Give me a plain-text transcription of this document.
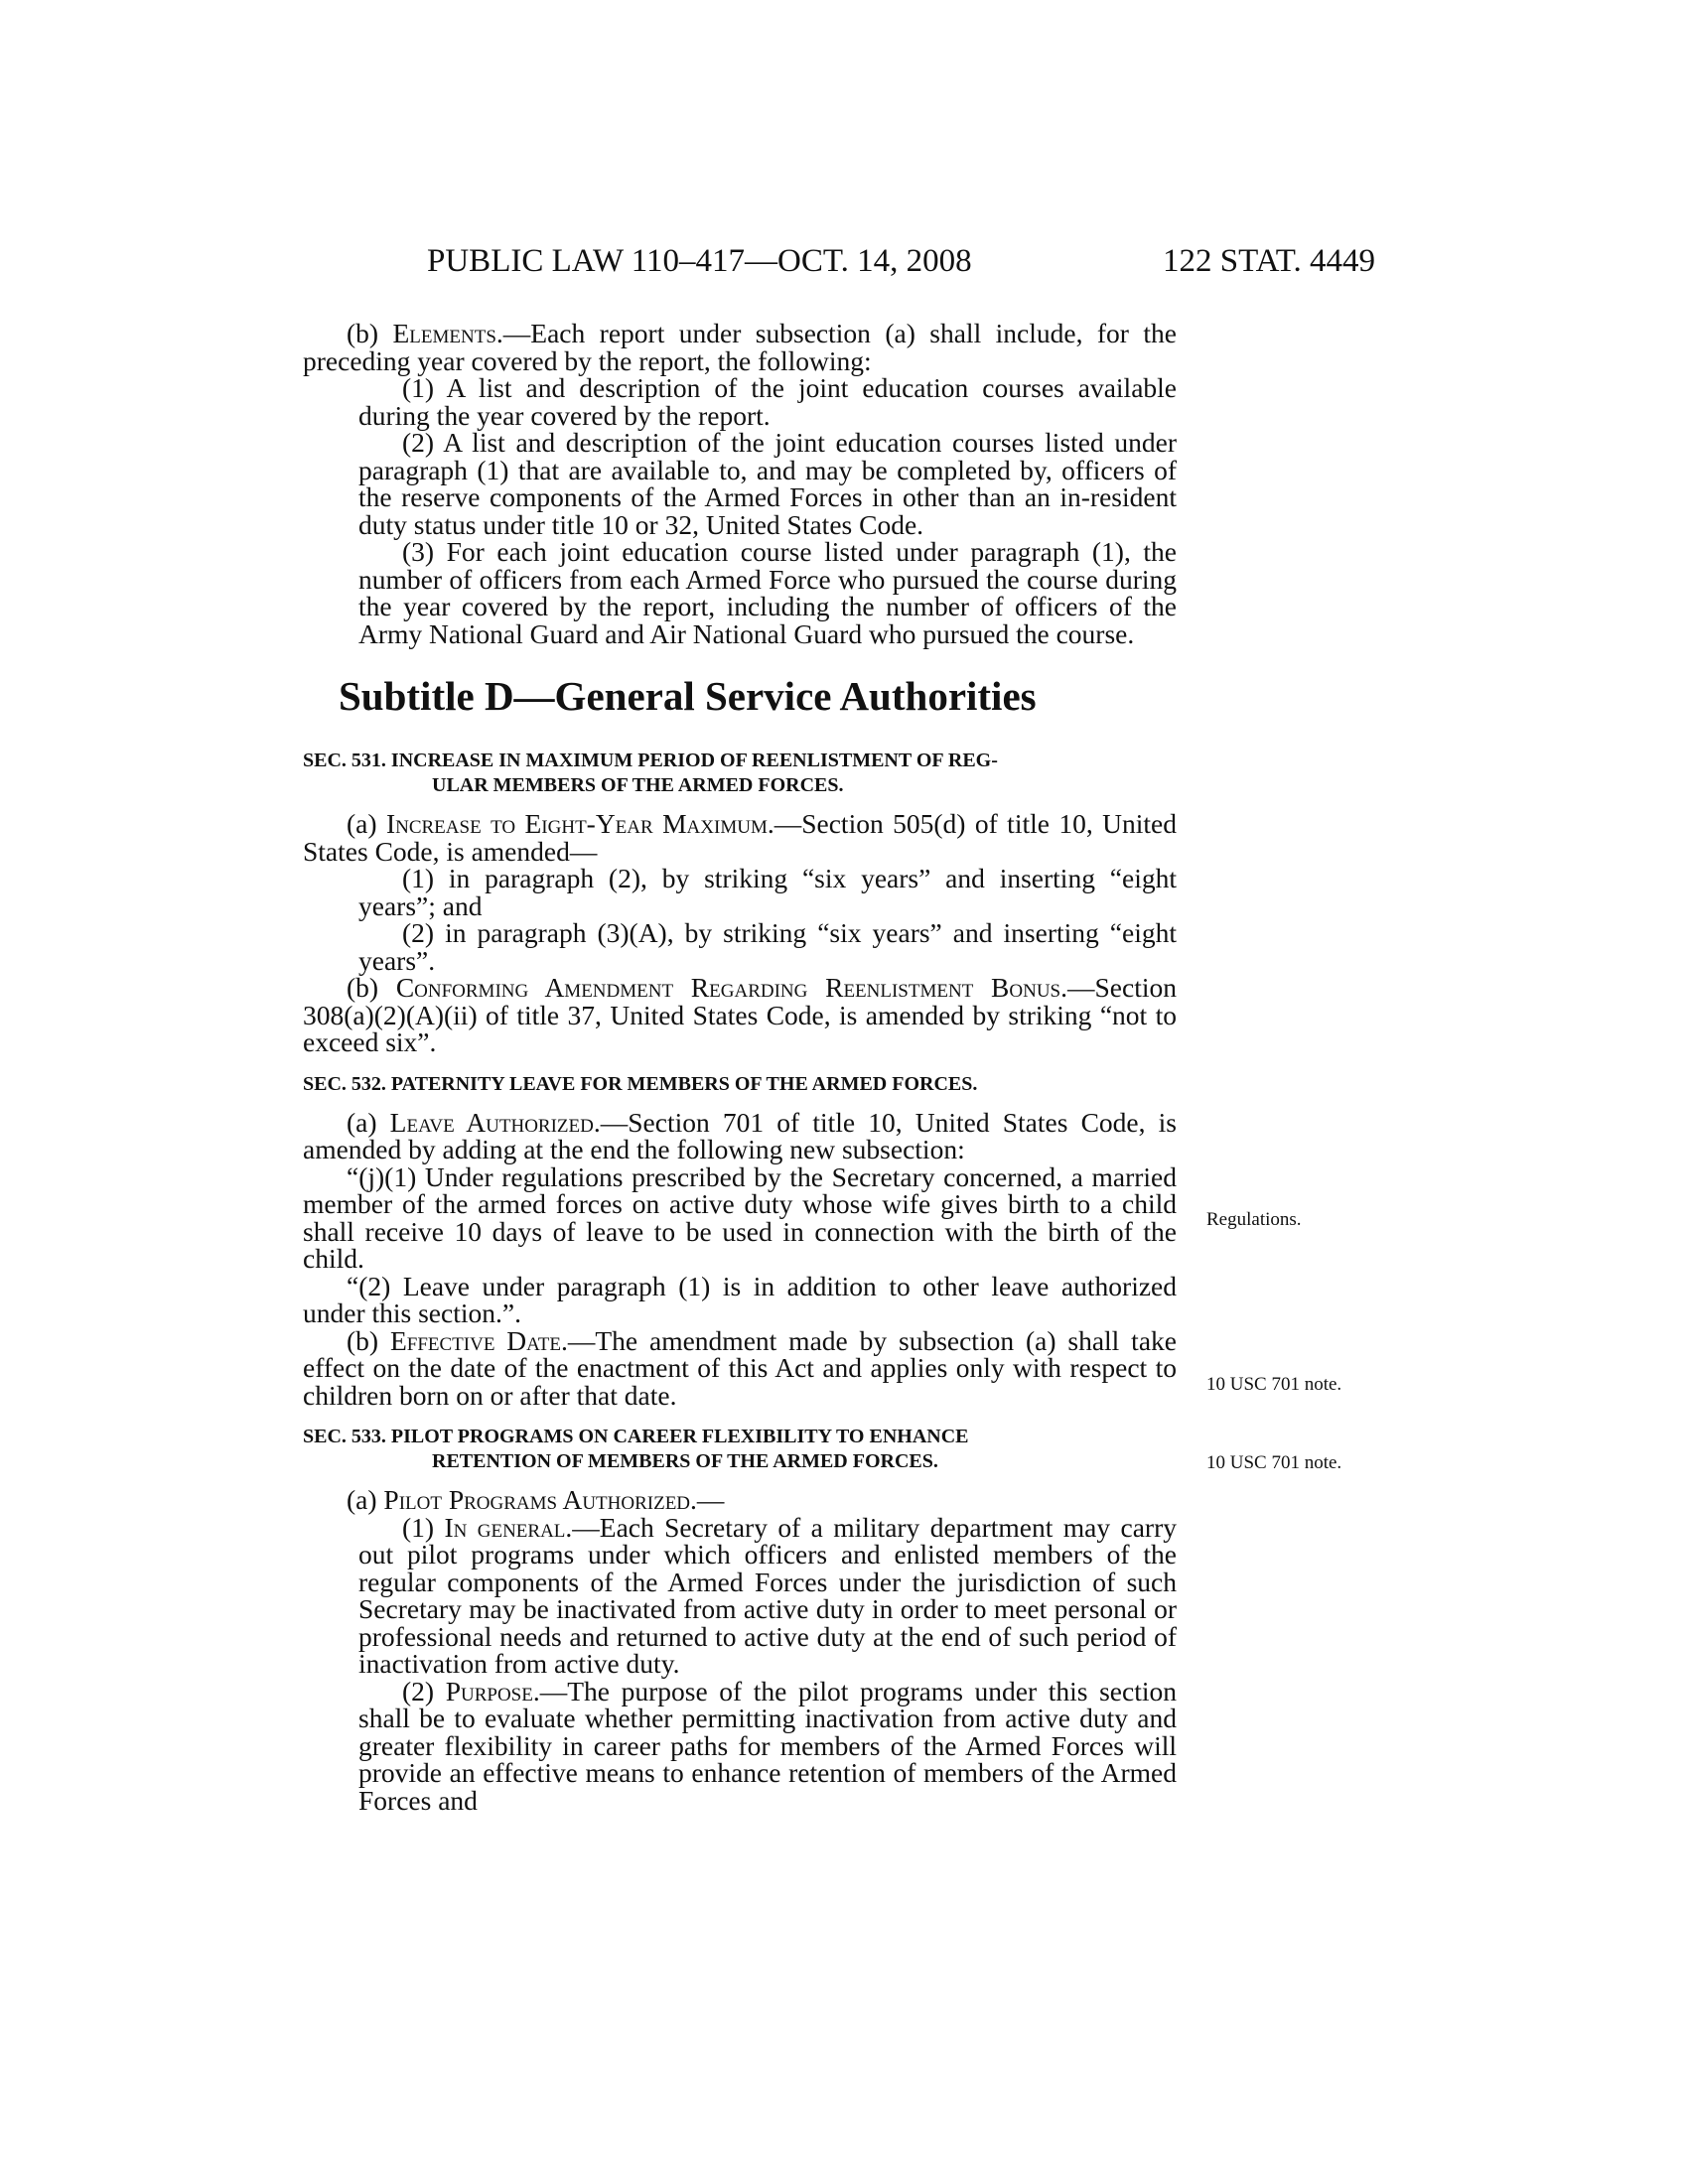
PUBLIC LAW 110–417—OCT. 14, 2008	122 STAT. 4449

(b) Elements.—Each report under subsection (a) shall include, for the preceding year covered by the report, the following:

(1) A list and description of the joint education courses available during the year covered by the report.

(2) A list and description of the joint education courses listed under paragraph (1) that are available to, and may be completed by, officers of the reserve components of the Armed Forces in other than an in-resident duty status under title 10 or 32, United States Code.

(3) For each joint education course listed under paragraph (1), the number of officers from each Armed Force who pursued the course during the year covered by the report, including the number of officers of the Army National Guard and Air National Guard who pursued the course.

Subtitle D—General Service Authorities
SEC. 531. INCREASE IN MAXIMUM PERIOD OF REENLISTMENT OF REG-
ULAR MEMBERS OF THE ARMED FORCES.

(a) Increase to Eight-Year Maximum.—Section 505(d) of title 10, United States Code, is amended—

(1) in paragraph (2), by striking “six years” and inserting “eight years”; and

(2) in paragraph (3)(A), by striking “six years” and inserting “eight years”.

(b) Conforming Amendment Regarding Reenlistment Bonus.—Section 308(a)(2)(A)(ii) of title 37, United States Code, is amended by striking “not to exceed six”.

SEC. 532. PATERNITY LEAVE FOR MEMBERS OF THE ARMED FORCES.

(a) Leave Authorized.—Section 701 of title 10, United States Code, is amended by adding at the end the following new subsection:

“(j)(1) Under regulations prescribed by the Secretary concerned, a married member of the armed forces on active duty whose wife gives birth to a child shall receive 10 days of leave to be used in connection with the birth of the child.

“(2) Leave under paragraph (1) is in addition to other leave authorized under this section.”.

(b) Effective Date.—The amendment made by subsection (a) shall take effect on the date of the enactment of this Act and applies only with respect to children born on or after that date.

SEC. 533. PILOT PROGRAMS ON CAREER FLEXIBILITY TO ENHANCE
RETENTION OF MEMBERS OF THE ARMED FORCES.

(a) Pilot Programs Authorized.—

(1) In general.—Each Secretary of a military department may carry out pilot programs under which officers and enlisted members of the regular components of the Armed Forces under the jurisdiction of such Secretary may be inactivated from active duty in order to meet personal or professional needs and returned to active duty at the end of such period of inactivation from active duty.

(2) Purpose.—The purpose of the pilot programs under this section shall be to evaluate whether permitting inactivation from active duty and greater flexibility in career paths for members of the Armed Forces will provide an effective means to enhance retention of members of the Armed Forces and

Regulations.
10 USC 701 note.
10 USC 701 note.
